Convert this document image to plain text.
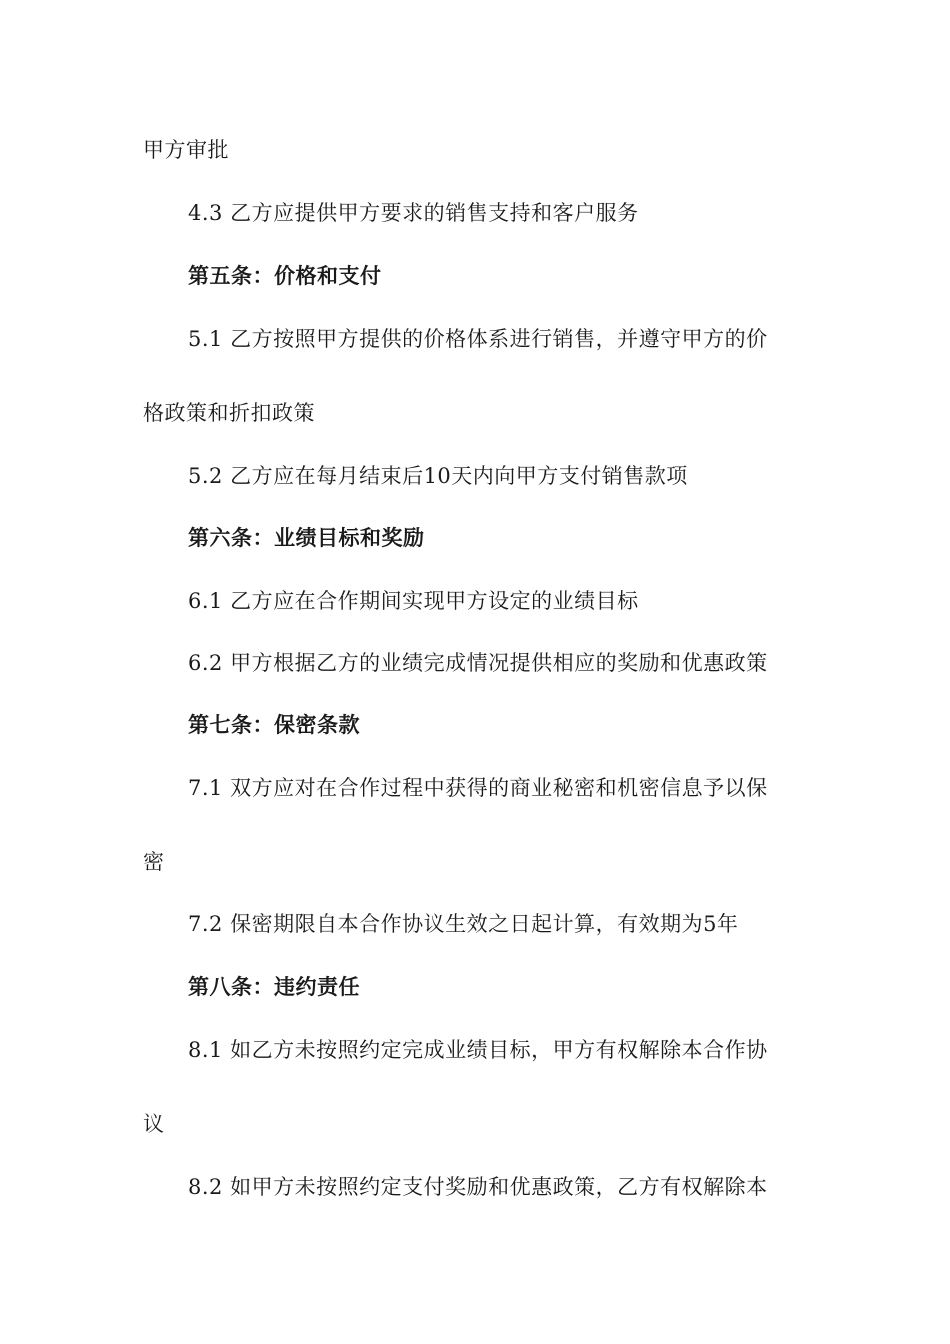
甲方审批
4.3 乙方应提供甲方要求的销售支持和客户服务
第五条：价格和支付
5.1 乙方按照甲方提供的价格体系进行销售，并遵守甲方的价
格政策和折扣政策
5.2 乙方应在每月结束后10天内向甲方支付销售款项
第六条：业绩目标和奖励
6.1 乙方应在合作期间实现甲方设定的业绩目标
6.2 甲方根据乙方的业绩完成情况提供相应的奖励和优惠政策
第七条：保密条款
7.1 双方应对在合作过程中获得的商业秘密和机密信息予以保
密
7.2 保密期限自本合作协议生效之日起计算，有效期为5年
第八条：违约责任
8.1 如乙方未按照约定完成业绩目标，甲方有权解除本合作协
议
8.2 如甲方未按照约定支付奖励和优惠政策，乙方有权解除本
